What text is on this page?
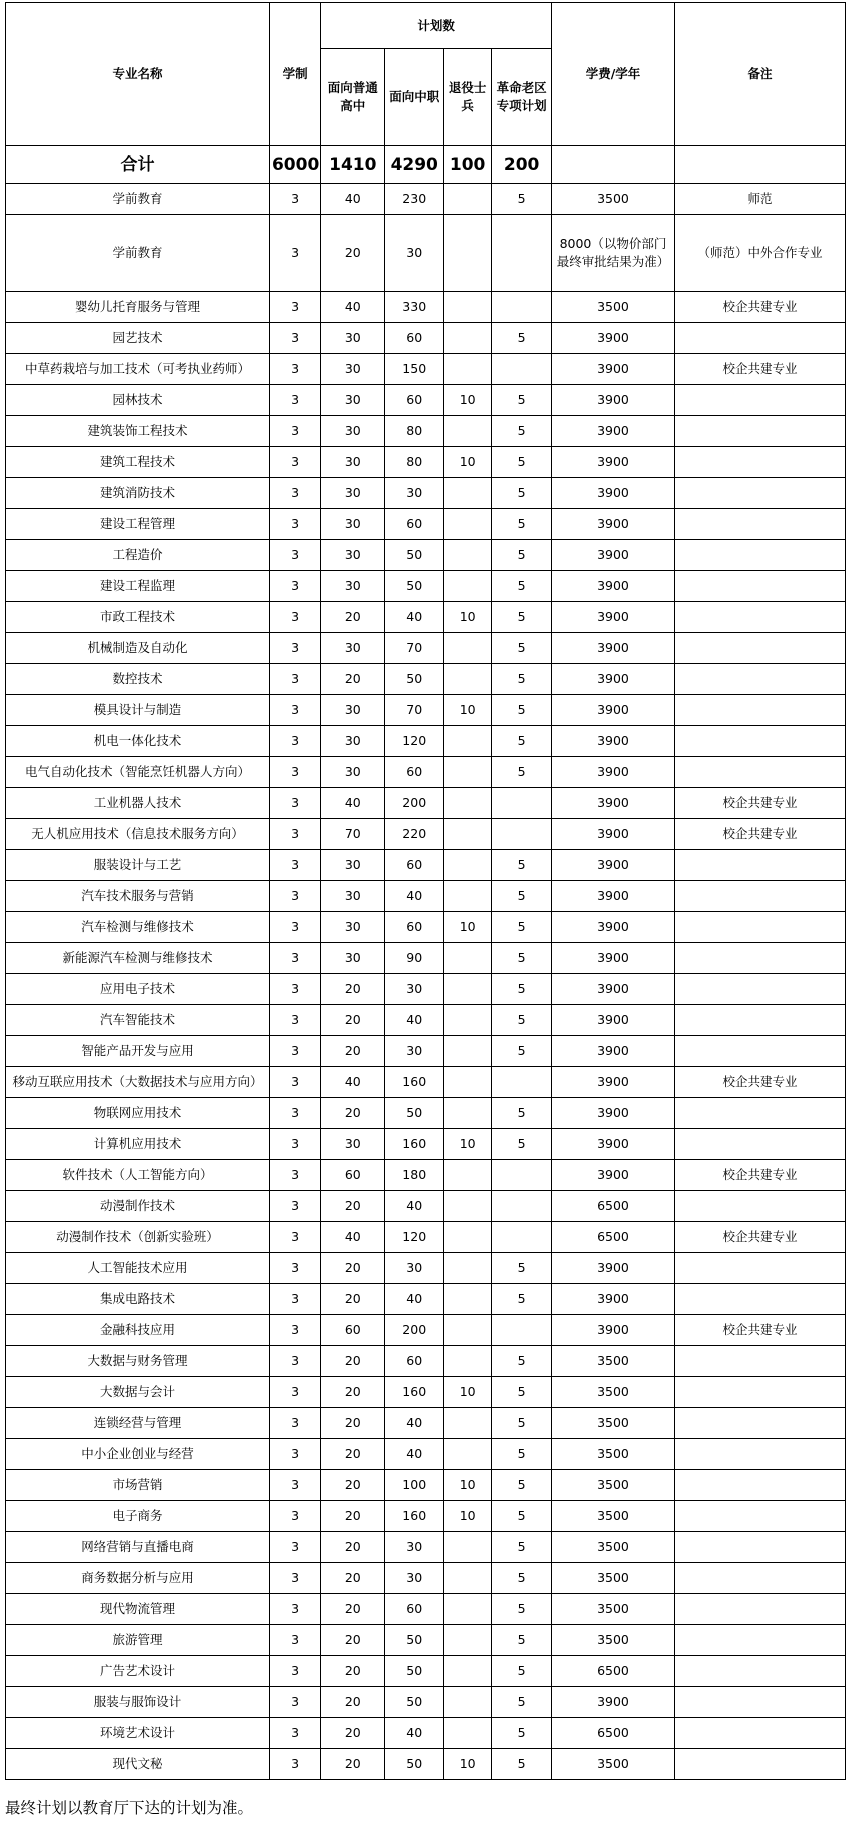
专业名称	学制	计划数				学费/学年	备注
		面向普通高中	面向中职	退役士兵	革命老区专项计划		
合计	6000	1410	4290	100	200		
学前教育	3	40	230		5	3500	师范
学前教育	3	20	30			8000（以物价部门最终审批结果为准）	（师范）中外合作专业
婴幼儿托育服务与管理	3	40	330			3500	校企共建专业
园艺技术	3	30	60		5	3900	
中草药栽培与加工技术（可考执业药师）	3	30	150			3900	校企共建专业
园林技术	3	30	60	10	5	3900	
建筑装饰工程技术	3	30	80		5	3900	
建筑工程技术	3	30	80	10	5	3900	
建筑消防技术	3	30	30		5	3900	
建设工程管理	3	30	60		5	3900	
工程造价	3	30	50		5	3900	
建设工程监理	3	30	50		5	3900	
市政工程技术	3	20	40	10	5	3900	
机械制造及自动化	3	30	70		5	3900	
数控技术	3	20	50		5	3900	
模具设计与制造	3	30	70	10	5	3900	
机电一体化技术	3	30	120		5	3900	
电气自动化技术（智能烹饪机器人方向）	3	30	60		5	3900	
工业机器人技术	3	40	200			3900	校企共建专业
无人机应用技术（信息技术服务方向）	3	70	220			3900	校企共建专业
服装设计与工艺	3	30	60		5	3900	
汽车技术服务与营销	3	30	40		5	3900	
汽车检测与维修技术	3	30	60	10	5	3900	
新能源汽车检测与维修技术	3	30	90		5	3900	
应用电子技术	3	20	30		5	3900	
汽车智能技术	3	20	40		5	3900	
智能产品开发与应用	3	20	30		5	3900	
移动互联应用技术（大数据技术与应用方向）	3	40	160			3900	校企共建专业
物联网应用技术	3	20	50		5	3900	
计算机应用技术	3	30	160	10	5	3900	
软件技术（人工智能方向）	3	60	180			3900	校企共建专业
动漫制作技术	3	20	40			6500	
动漫制作技术（创新实验班）	3	40	120			6500	校企共建专业
人工智能技术应用	3	20	30		5	3900	
集成电路技术	3	20	40		5	3900	
金融科技应用	3	60	200			3900	校企共建专业
大数据与财务管理	3	20	60		5	3500	
大数据与会计	3	20	160	10	5	3500	
连锁经营与管理	3	20	40		5	3500	
中小企业创业与经营	3	20	40		5	3500	
市场营销	3	20	100	10	5	3500	
电子商务	3	20	160	10	5	3500	
网络营销与直播电商	3	20	30		5	3500	
商务数据分析与应用	3	20	30		5	3500	
现代物流管理	3	20	60		5	3500	
旅游管理	3	20	50		5	3500	
广告艺术设计	3	20	50		5	6500	
服装与服饰设计	3	20	50		5	3900	
环境艺术设计	3	20	40		5	6500	
现代文秘	3	20	50	10	5	3500	
最终计划以教育厅下达的计划为准。
